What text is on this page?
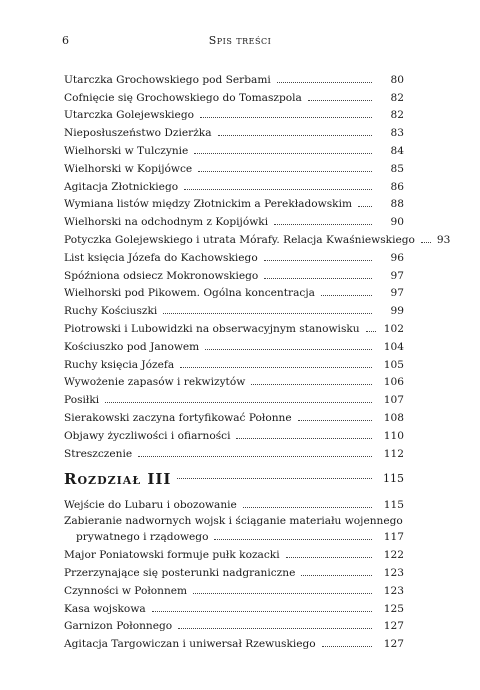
6	Spis treści
Utarczka Grochowskiego pod Serbami	80
Cofnięcie się Grochowskiego do Tomaszpola	82
Utarczka Golejewskiego	82
Nieposłuszeństwo Dzierżka	83
Wielhorski w Tulczynie	84
Wielhorski w Kopijówce	85
Agitacja Złotnickiego	86
Wymiana listów między Złotnickim a Perekładowskim	88
Wielhorski na odchodnym z Kopijówki	90
Potyczka Golejewskiego i utrata Mórafy. Relacja Kwaśniewskiego 93
List księcia Józefa do Kachowskiego	96
Spóźniona odsiecz Mokronowskiego	97
Wielhorski pod Pikowem. Ogólna koncentracja	97
Ruchy Kościuszki	99
Piotrowski i Lubowidzki na obserwacyjnym stanowisku 102
Kościuszko pod Janowem	104
Ruchy księcia Józefa	105
Wywożenie zapasów i rekwizytów	106
Posiłki	107
Sierakowski zaczyna fortyfikować Połonne	108
Objawy życzliwości i ofiarności	110
Streszczenie	112
Rozdział III	115
Wejście do Lubaru i obozowanie	115
Zabieranie nadwornych wojsk i ściąganie materiału wojennego
prywatnego i rządowego	117
Major Poniatowski formuje pułk kozacki	122
Przerzynające się posterunki nadgraniczne	123
Czynności w Połonnem	123
Kasa wojskowa	125
Garnizon Połonnego	127
Agitacja Targowiczan i uniwersał Rzewuskiego	127
